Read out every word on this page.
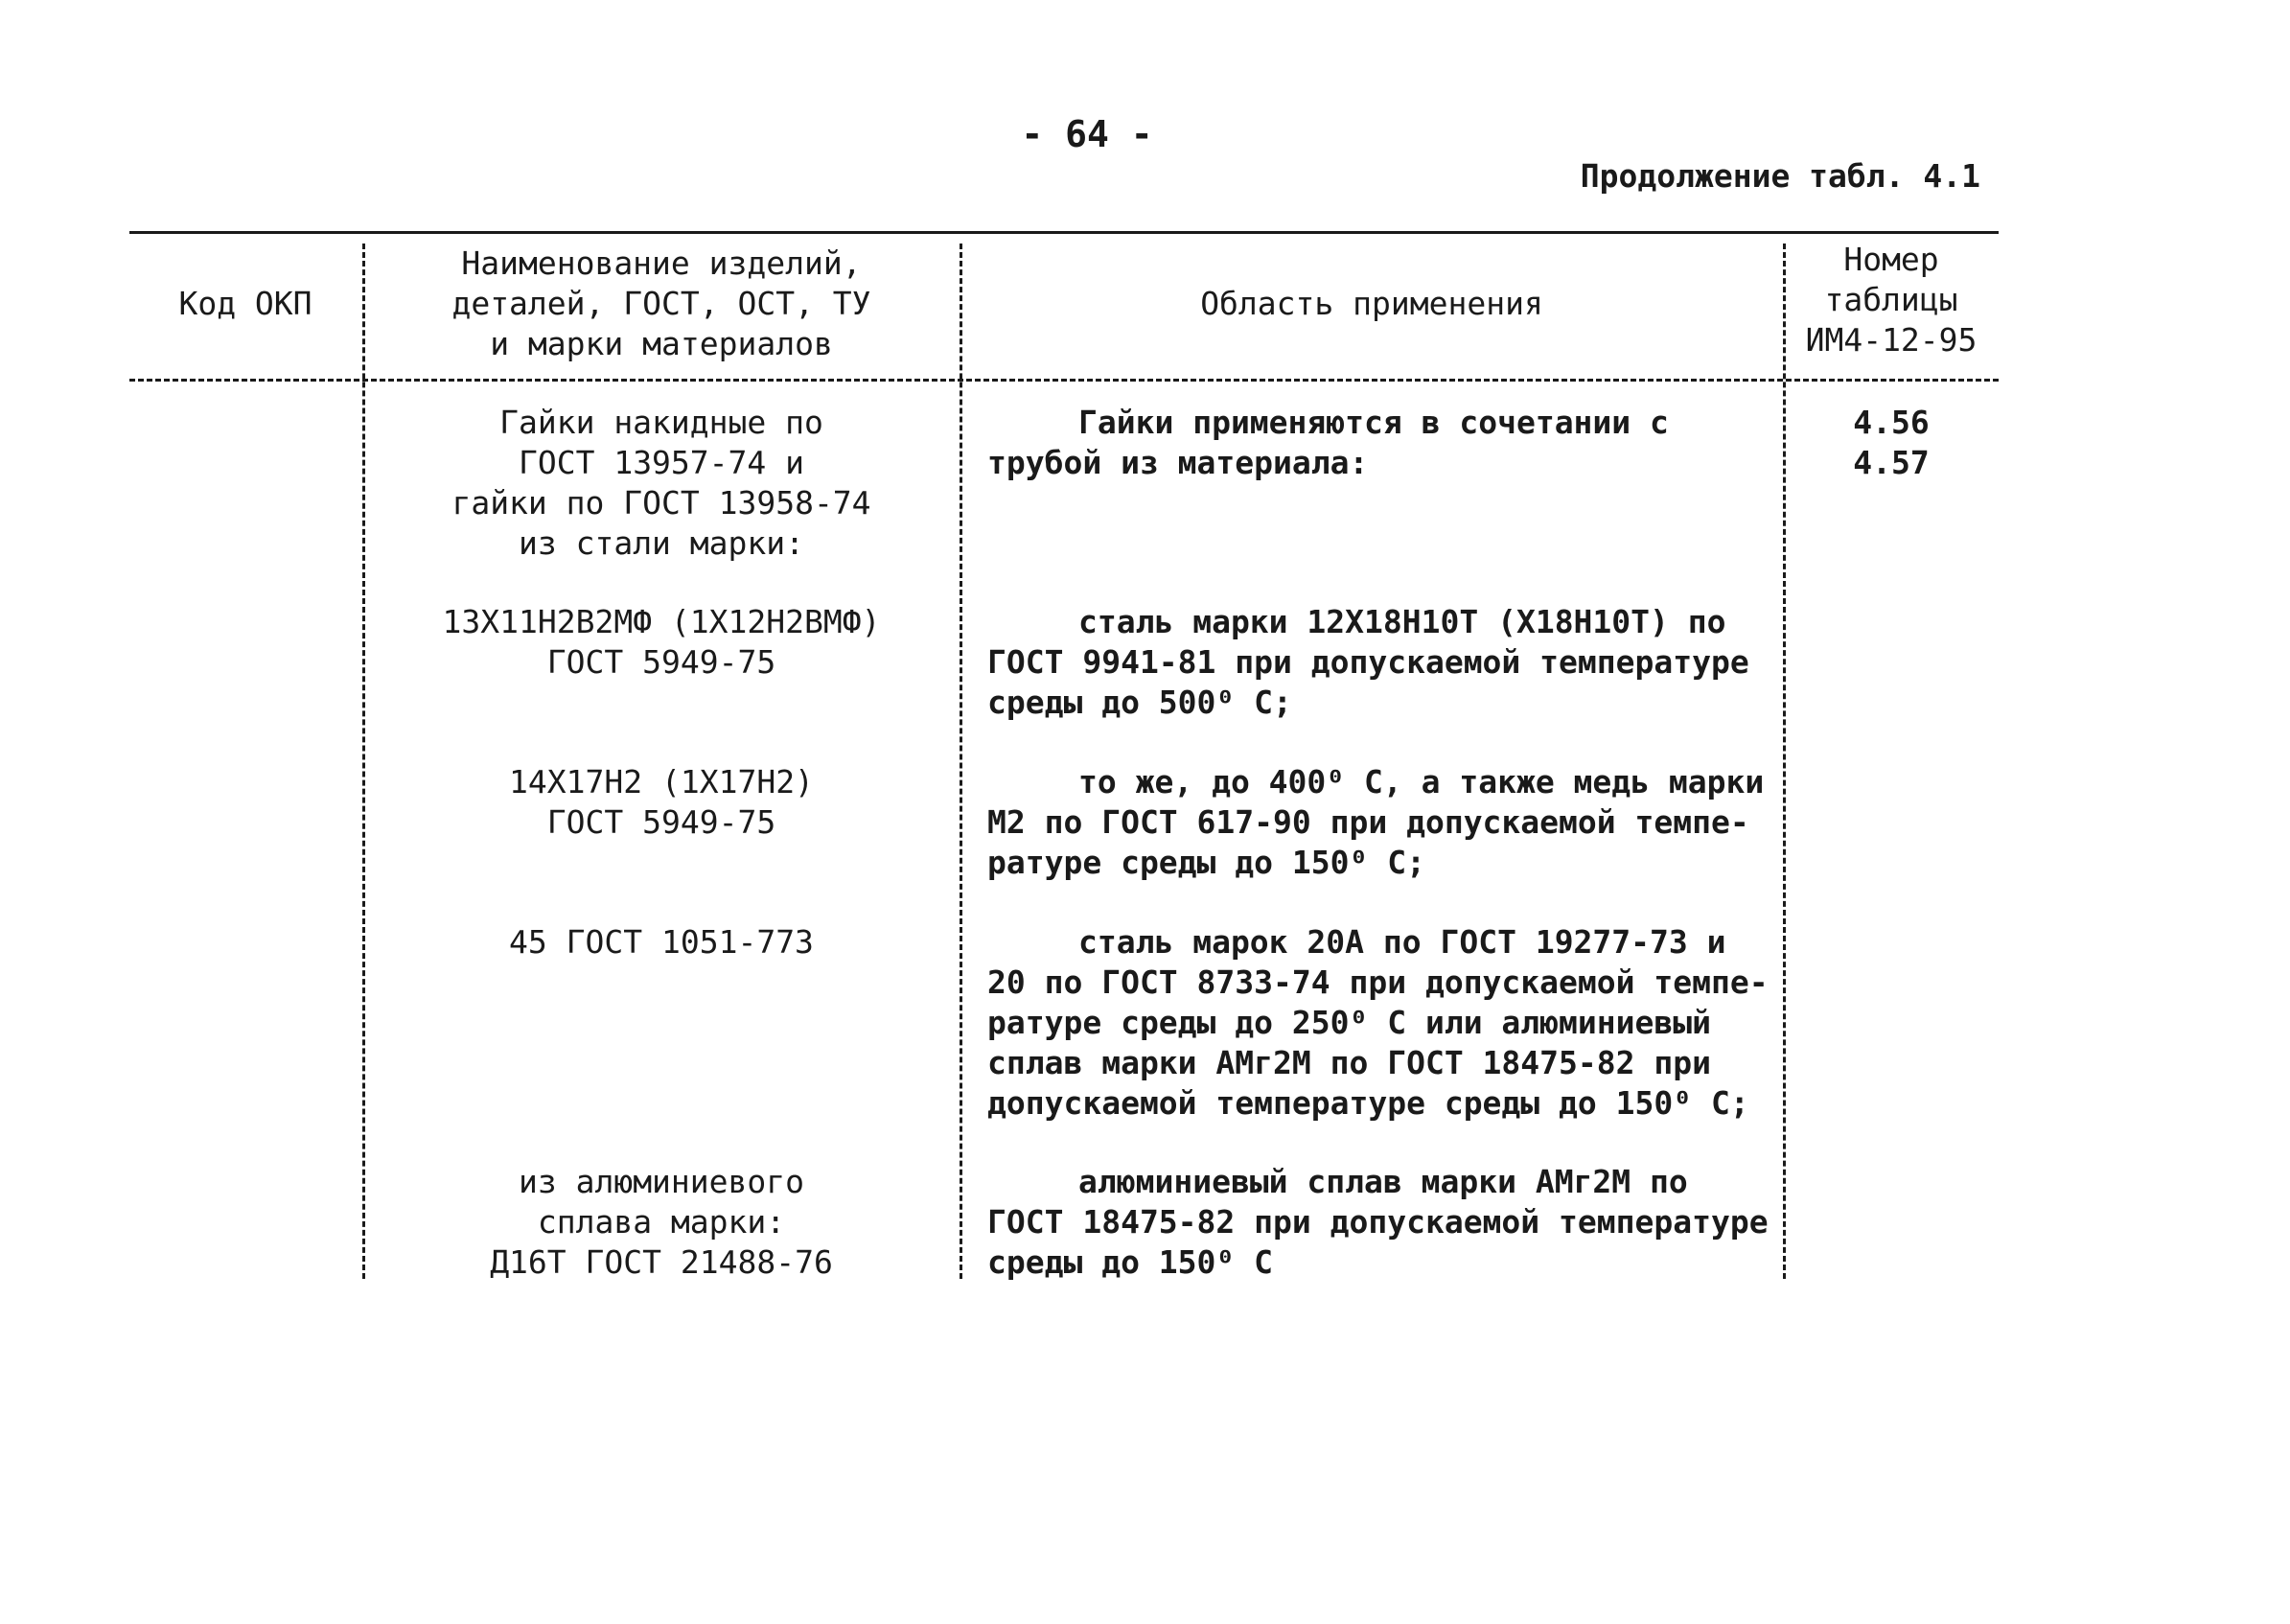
- 64 -
Продолжение табл. 4.1
Код ОКП
Наименование изделий,
деталей, ГОСТ, ОСТ, ТУ
и марки материалов
Область применения
Номер
таблицы
ИМ4-12-95
Гайки накидные по
ГОСТ 13957-74 и
гайки по ГОСТ 13958-74
из стали марки:
Гайки применяются в сочетании с
трубой из материала:
4.56
4.57
13Х11Н2В2МФ (1Х12Н2ВМФ)
ГОСТ 5949-75
сталь марки 12Х18Н10Т (Х18Н10Т) по
ГОСТ 9941-81 при допускаемой температуре
среды до 500⁰ С;
14Х17Н2 (1Х17Н2)
ГОСТ 5949-75
то же, до 400⁰ С, а также медь марки
М2 по ГОСТ 617-90 при допускаемой темпе-
ратуре среды до 150⁰ С;
45 ГОСТ 1051-773	сталь марок 20А по ГОСТ 19277-73 и
20 по ГОСТ 8733-74 при допускаемой темпе-
ратуре среды до 250⁰ С или алюминиевый
сплав марки АМг2М по ГОСТ 18475-82 при
допускаемой температуре среды до 150⁰ С;
из алюминиевого
сплава марки:
Д16Т ГОСТ 21488-76
алюминиевый сплав марки АМг2М по
ГОСТ 18475-82 при допускаемой температуре
среды до 150⁰ С
